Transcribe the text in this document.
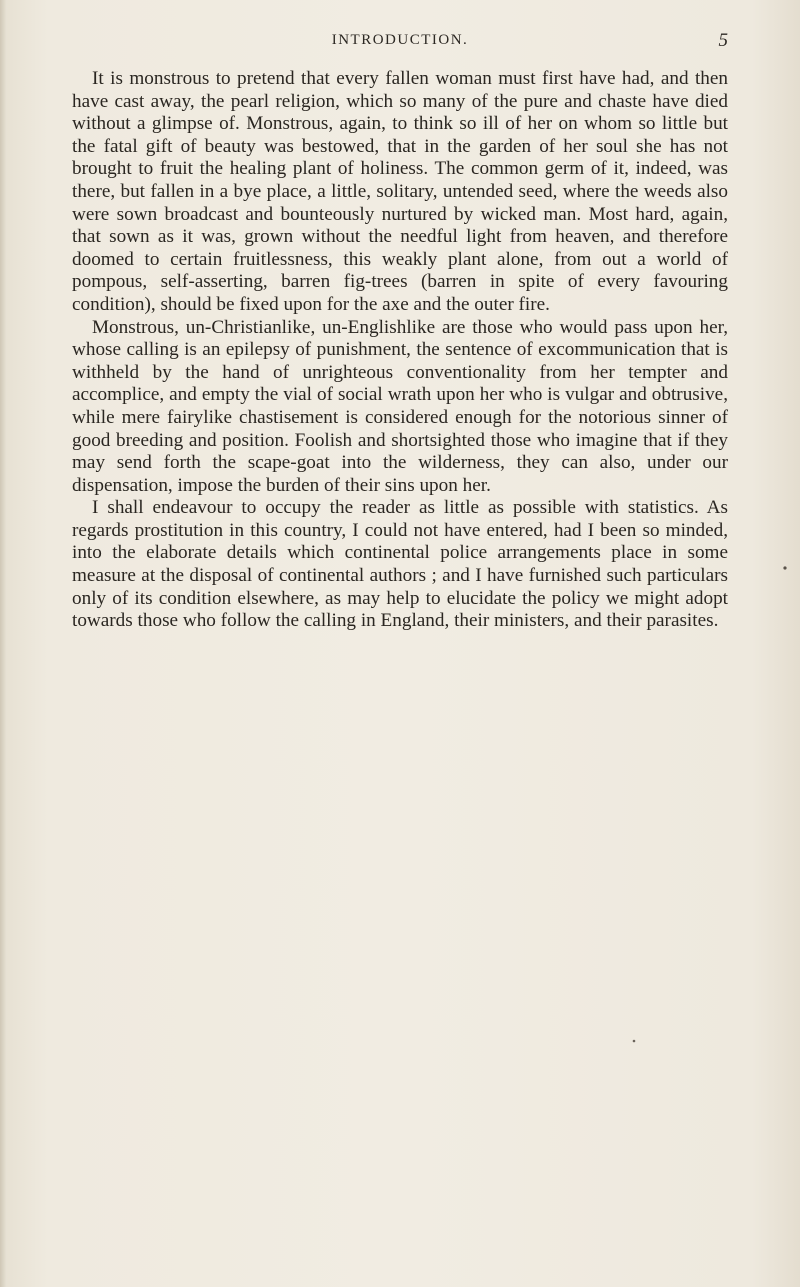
INTRODUCTION.	5

It is monstrous to pretend that every fallen woman must first have had, and then have cast away, the pearl religion, which so many of the pure and chaste have died without a glimpse of. Monstrous, again, to think so ill of her on whom so little but the fatal gift of beauty was bestowed, that in the garden of her soul she has not brought to fruit the healing plant of holiness. The common germ of it, indeed, was there, but fallen in a bye place, a little, solitary, untended seed, where the weeds also were sown broadcast and bounteously nurtured by wicked man. Most hard, again, that sown as it was, grown without the needful light from heaven, and therefore doomed to certain fruitlessness, this weakly plant alone, from out a world of pompous, self-asserting, barren fig-trees (barren in spite of every favouring condition), should be fixed upon for the axe and the outer fire.

Monstrous, un-Christianlike, un-Englishlike are those who would pass upon her, whose calling is an epilepsy of punishment, the sentence of excommunication that is withheld by the hand of unrighteous conventionality from her tempter and accomplice, and empty the vial of social wrath upon her who is vulgar and obtrusive, while mere fairylike chastisement is considered enough for the notorious sinner of good breeding and position. Foolish and shortsighted those who imagine that if they may send forth the scape-goat into the wilderness, they can also, under our dispensation, impose the burden of their sins upon her.

I shall endeavour to occupy the reader as little as possible with statistics. As regards prostitution in this country, I could not have entered, had I been so minded, into the elaborate details which continental police arrangements place in some measure at the disposal of continental authors ; and I have furnished such particulars only of its condition elsewhere, as may help to elucidate the policy we might adopt towards those who follow the calling in England, their ministers, and their parasites.
